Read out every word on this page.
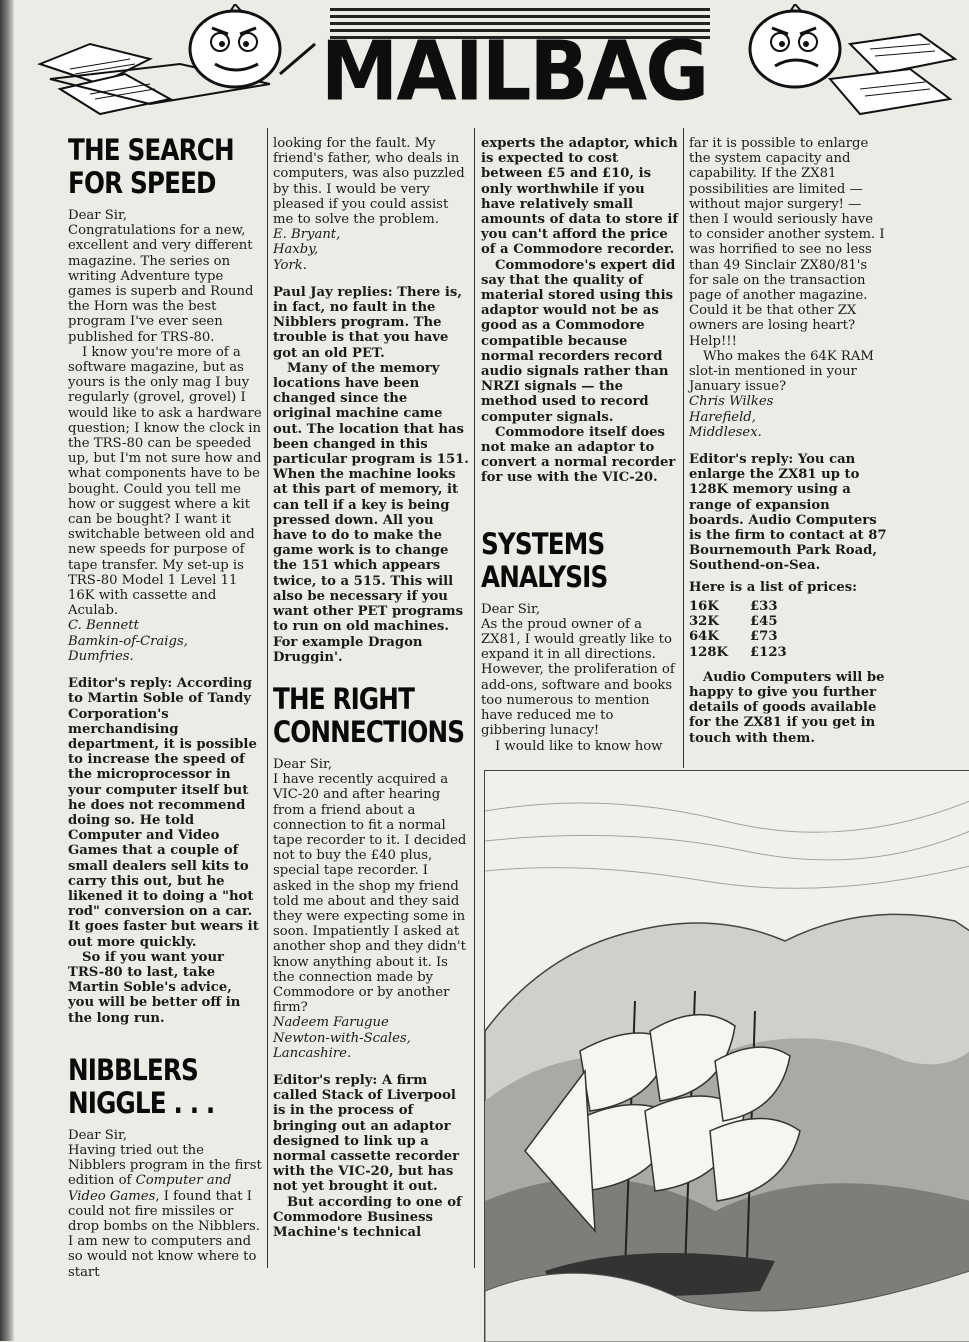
MAILBAG
THE SEARCH
FOR SPEED

Dear Sir,

Congratulations for a new, excellent and very different magazine. The series on writing Adventure type games is superb and Round the Horn was the best program I've ever seen published for TRS-80.

I know you're more of a software magazine, but as yours is the only mag I buy regularly (grovel, grovel) I would like to ask a hardware question; I know the clock in the TRS-80 can be speeded up, but I'm not sure how and what components have to be bought. Could you tell me how or suggest where a kit can be bought? I want it switchable between old and new speeds for purpose of tape transfer. My set-up is TRS-80 Model 1 Level 11 16K with cassette and Aculab.

C. Bennett

Bamkin-of-Craigs,

Dumfries.

Editor's reply: According to Martin Soble of Tandy Corporation's merchandising department, it is possible to increase the speed of the microprocessor in your computer itself but he does not recommend doing so. He told Computer and Video Games that a couple of small dealers sell kits to carry this out, but he likened it to doing a "hot rod" conversion on a car. It goes faster but wears it out more quickly.

So if you want your TRS-80 to last, take Martin Soble's advice, you will be better off in the long run.

NIBBLERS
NIGGLE . . .

Dear Sir,

Having tried out the Nibblers program in the first edition of Computer and Video Games, I found that I could not fire missiles or drop bombs on the Nibblers. I am new to computers and so would not know where to start

looking for the fault. My friend's father, who deals in computers, was also puzzled by this. I would be very pleased if you could assist me to solve the problem.

E. Bryant,

Haxby,

York.

Paul Jay replies: There is, in fact, no fault in the Nibblers program. The trouble is that you have got an old PET.

Many of the memory locations have been changed since the original machine came out. The location that has been changed in this particular program is 151. When the machine looks at this part of memory, it can tell if a key is being pressed down. All you have to do to make the game work is to change the 151 which appears twice, to a 515. This will also be necessary if you want other PET programs to run on old machines. For example Dragon Druggin'.

THE RIGHT
CONNECTIONS

Dear Sir,

I have recently acquired a VIC-20 and after hearing from a friend about a connection to fit a normal tape recorder to it. I decided not to buy the £40 plus, special tape recorder. I asked in the shop my friend told me about and they said they were expecting some in soon. Impatiently I asked at another shop and they didn't know anything about it. Is the connection made by Commodore or by another firm?

Nadeem Farugue

Newton-with-Scales,

Lancashire.

Editor's reply: A firm called Stack of Liverpool is in the process of bringing out an adaptor designed to link up a normal cassette recorder with the VIC-20, but has not yet brought it out.

But according to one of Commodore Business Machine's technical

experts the adaptor, which is expected to cost between £5 and £10, is only worthwhile if you have relatively small amounts of data to store if you can't afford the price of a Commodore recorder.

Commodore's expert did say that the quality of material stored using this adaptor would not be as good as a Commodore compatible because normal recorders record audio signals rather than NRZI signals — the method used to record computer signals.

Commodore itself does not make an adaptor to convert a normal recorder for use with the VIC-20.

SYSTEMS
ANALYSIS

Dear Sir,

As the proud owner of a ZX81, I would greatly like to expand it in all directions. However, the proliferation of add-ons, software and books too numerous to mention have reduced me to gibbering lunacy!

I would like to know how

far it is possible to enlarge the system capacity and capability. If the ZX81 possibilities are limited — without major surgery! — then I would seriously have to consider another system. I was horrified to see no less than 49 Sinclair ZX80/81's for sale on the transaction page of another magazine. Could it be that other ZX owners are losing heart? Help!!!

Who makes the 64K RAM slot-in mentioned in your January issue?

Chris Wilkes

Harefield,

Middlesex.

Editor's reply: You can enlarge the ZX81 up to 128K memory using a range of expansion boards. Audio Computers is the firm to contact at 87 Bournemouth Park Road, Southend-on-Sea.

Here is a list of prices:

16K	£33
32K	£45
64K	£73
128K	£123

Audio Computers will be happy to give you further details of goods available for the ZX81 if you get in touch with them.
